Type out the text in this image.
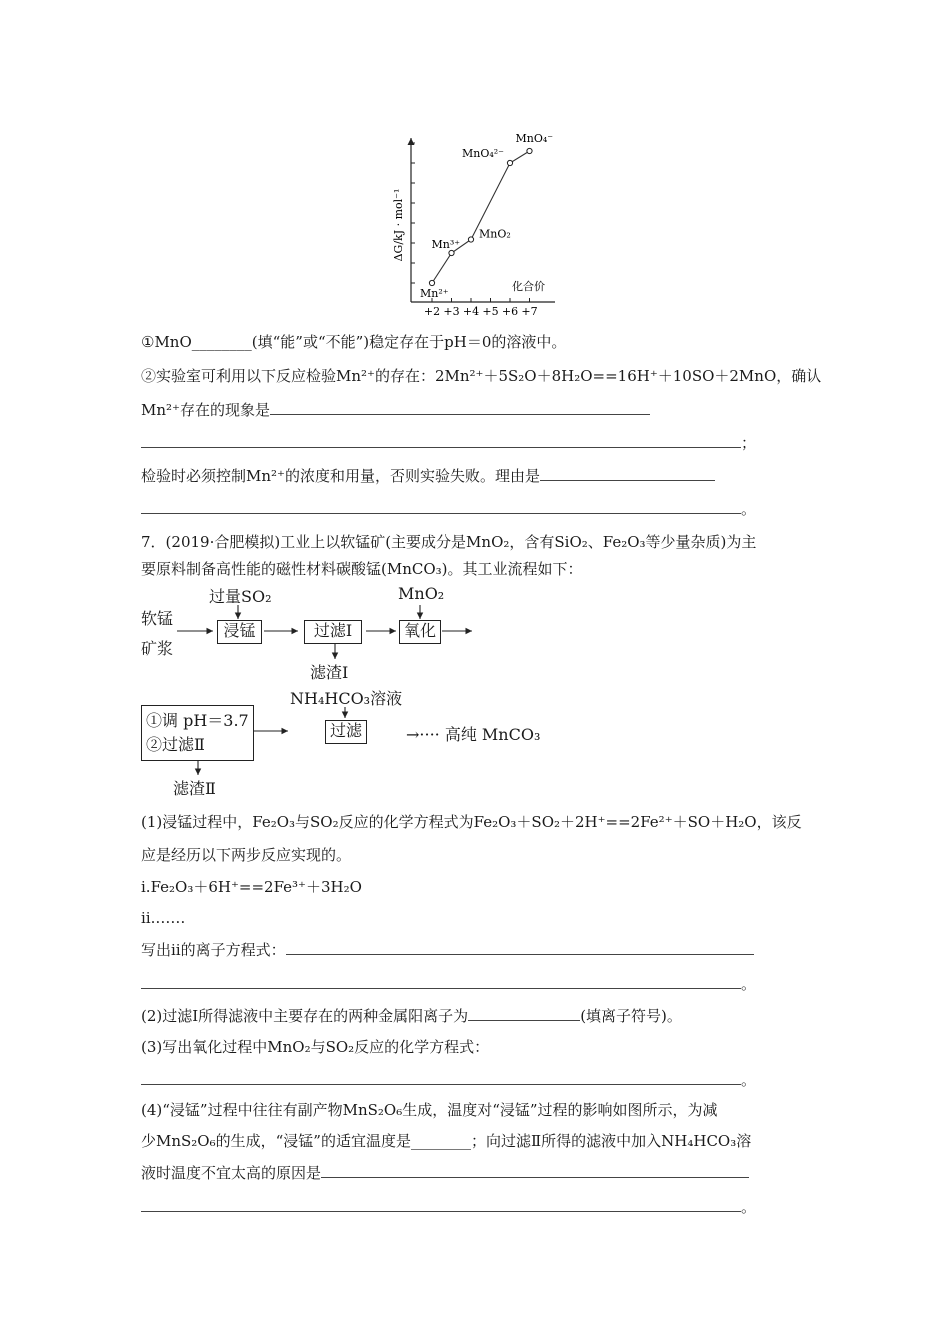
+2 +3 +4 +5 +6 +7
Mn²⁺
Mn³⁺
MnO₂
MnO₄²⁻
MnO₄⁻
化合价
ΔG/kJ · mol⁻¹
①MnO________(填“能”或“不能”)稳定存在于pH＝0的溶液中。
②实验室可利用以下反应检验Mn²⁺的存在：2Mn²⁺＋5S₂O＋8H₂O==16H⁺＋10SO＋2MnO，确认
Mn²⁺存在的现象是
；
检验时必须控制Mn²⁺的浓度和用量，否则实验失败。理由是
。
7．(2019·合肥模拟)工业上以软锰矿(主要成分是MnO₂，含有SiO₂、Fe₂O₃等少量杂质)为主
要原料制备高性能的磁性材料碳酸锰(MnCO₃)。其工业流程如下：
软锰
矿浆
过量SO₂
浸锰	过滤Ⅰ
滤渣Ⅰ
MnO₂
氧化
①调 pH＝3.7
②过滤Ⅱ
滤渣Ⅱ
NH₄HCO₃溶液
过滤	→···· 高纯 MnCO₃
(1)浸锰过程中，Fe₂O₃与SO₂反应的化学方程式为Fe₂O₃＋SO₂＋2H⁺==2Fe²⁺＋SO＋H₂O，该反
应是经历以下两步反应实现的。
ⅰ.Fe₂O₃＋6H⁺==2Fe³⁺＋3H₂O
ⅱ.……
写出ⅱ的离子方程式：
。
(2)过滤Ⅰ所得滤液中主要存在的两种金属阳离子为	(填离子符号)。
(3)写出氧化过程中MnO₂与SO₂反应的化学方程式：
。
(4)“浸锰”过程中往往有副产物MnS₂O₆生成，温度对“浸锰”过程的影响如图所示，为减
少MnS₂O₆的生成，“浸锰”的适宜温度是________；向过滤Ⅱ所得的滤液中加入NH₄HCO₃溶
液时温度不宜太高的原因是
。
